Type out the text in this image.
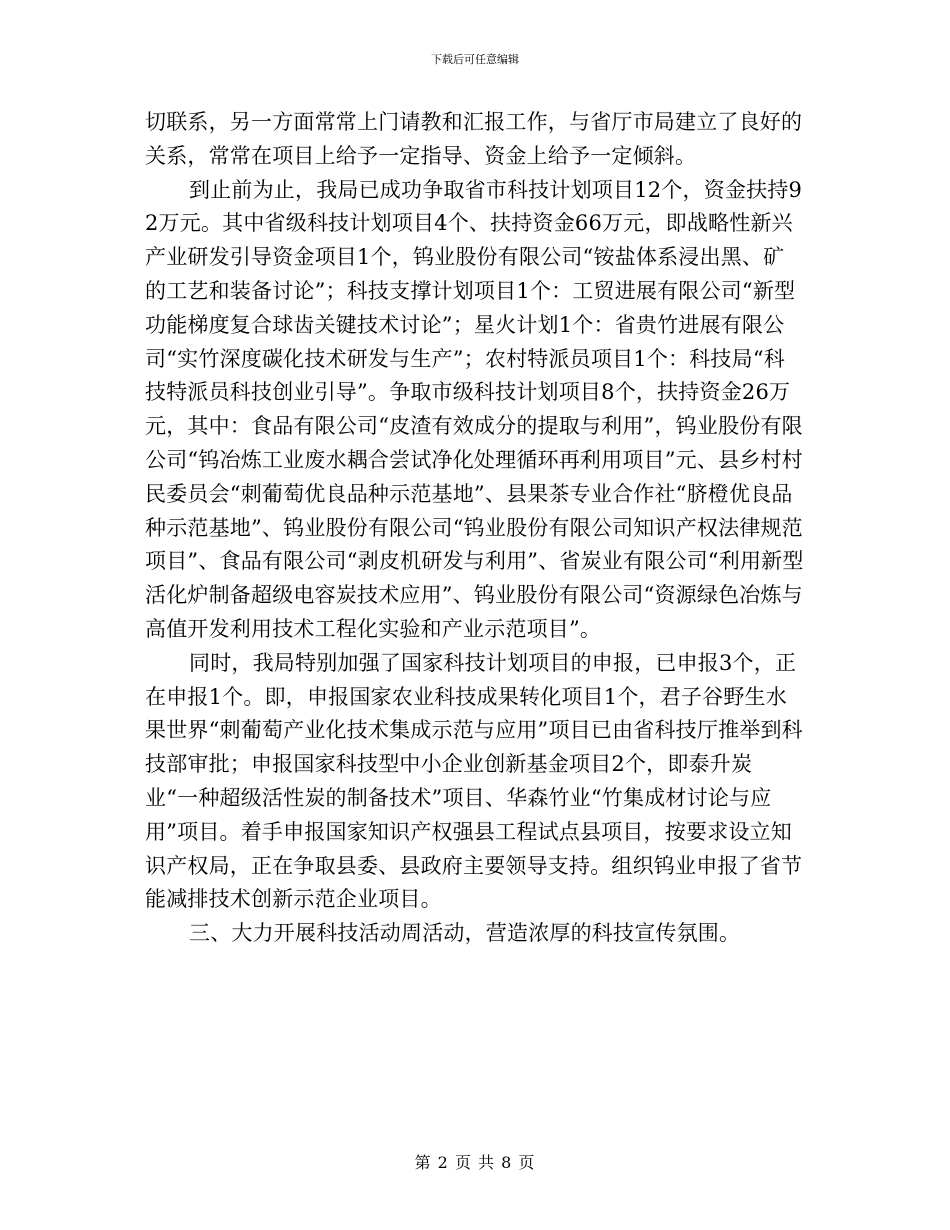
下载后可任意编辑

切联系，另一方面常常上门请教和汇报工作，与省厅市局建立了良好的关系，常常在项目上给予一定指导、资金上给予一定倾斜。

到止前为止，我局已成功争取省市科技计划项目12个，资金扶持92万元。其中省级科技计划项目4个、扶持资金66万元，即战略性新兴产业研发引导资金项目1个，钨业股份有限公司“铵盐体系浸出黑、矿的工艺和装备讨论”；科技支撑计划项目1个：工贸进展有限公司“新型功能梯度复合球齿关键技术讨论”；星火计划1个：省贵竹进展有限公司“实竹深度碳化技术研发与生产”；农村特派员项目1个：科技局“科技特派员科技创业引导”。争取市级科技计划项目8个，扶持资金26万元，其中：食品有限公司“皮渣有效成分的提取与利用”，钨业股份有限公司“钨冶炼工业废水耦合尝试净化处理循环再利用项目”元、县乡村村民委员会“刺葡萄优良品种示范基地”、县果茶专业合作社“脐橙优良品种示范基地”、钨业股份有限公司“钨业股份有限公司知识产权法律规范项目”、食品有限公司“剥皮机研发与利用”、省炭业有限公司“利用新型活化炉制备超级电容炭技术应用”、钨业股份有限公司“资源绿色冶炼与高值开发利用技术工程化实验和产业示范项目”。

同时，我局特别加强了国家科技计划项目的申报，已申报3个，正在申报1个。即，申报国家农业科技成果转化项目1个，君子谷野生水果世界“刺葡萄产业化技术集成示范与应用”项目已由省科技厅推举到科技部审批；申报国家科技型中小企业创新基金项目2个，即泰升炭业“一种超级活性炭的制备技术”项目、华森竹业“竹集成材讨论与应用”项目。着手申报国家知识产权强县工程试点县项目，按要求设立知识产权局，正在争取县委、县政府主要领导支持。组织钨业申报了省节能减排技术创新示范企业项目。

三、大力开展科技活动周活动，营造浓厚的科技宣传氛围。

第 2 页 共 8 页
